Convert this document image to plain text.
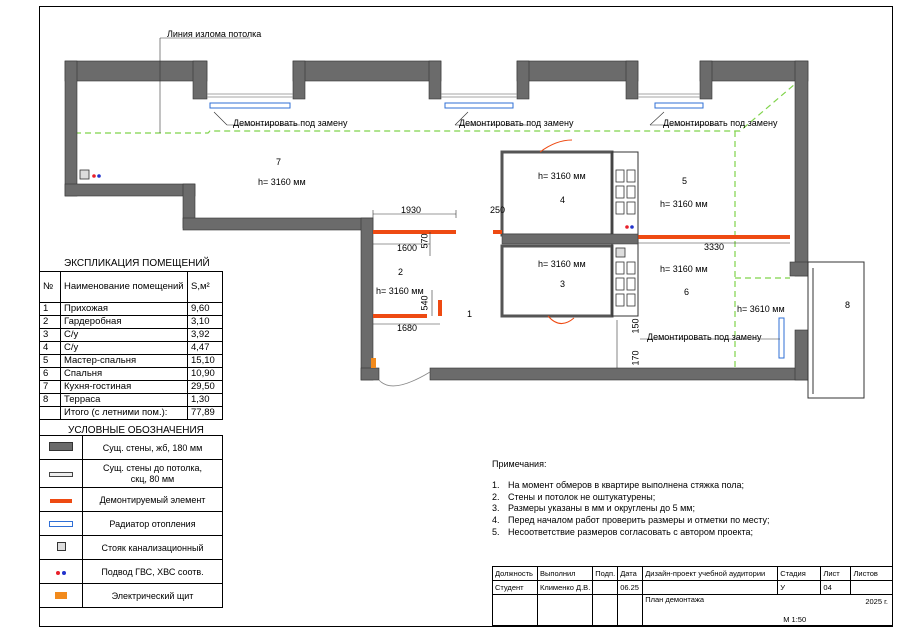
Линия излома потолка
Демонтировать под замену	Демонтировать под замену	Демонтировать под замену
Демонтировать под замену
7
h= 3160 мм
4
h= 3160 мм	5
h= 3160 мм
2
h= 3160 мм
3
h= 3160 мм
6
h= 3160 мм
1
8
h= 3610 мм
1930	250
1600 570
540
1680
3330
150
170
ЭКСПЛИКАЦИЯ ПОМЕЩЕНИЙ
№	Наименование помещений	S,м²
1	Прихожая	9,60
2	Гардеробная	3,10
3	С/у	3,92
4	С/у	4,47
5	Мастер-спальня	15,10
6	Спальня	10,90
7	Кухня-гостиная	29,50
8	Терраса	1,30
	Итого (с летними пом.):	77,89
УСЛОВНЫЕ ОБОЗНАЧЕНИЯ
	Сущ. стены, жб, 180 мм
	Сущ. стены до потолка, скц, 80 мм
	Демонтируемый элемент
	Радиатор отопления
	Стояк канализационный
	Подвод ГВС, ХВС соотв.
	Электрический щит
Примечания:
1. На момент обмеров в квартире выполнена стяжка пола;
2. Стены и потолок не оштукатурены;
3. Размеры указаны в мм и округлены до 5 мм;
4. Перед началом работ проверить размеры и отметки по месту;
5. Несоответствие размеров согласовать с автором проекта;
Должность	Выполнил	Подп.	Дата	Дизайн-проект учебной аудитории	Стадия	Лист	Листов
Студент	Клименко Д.В.		06.25		У	04	
				План демонтажа 2025 г.
М 1:50			
